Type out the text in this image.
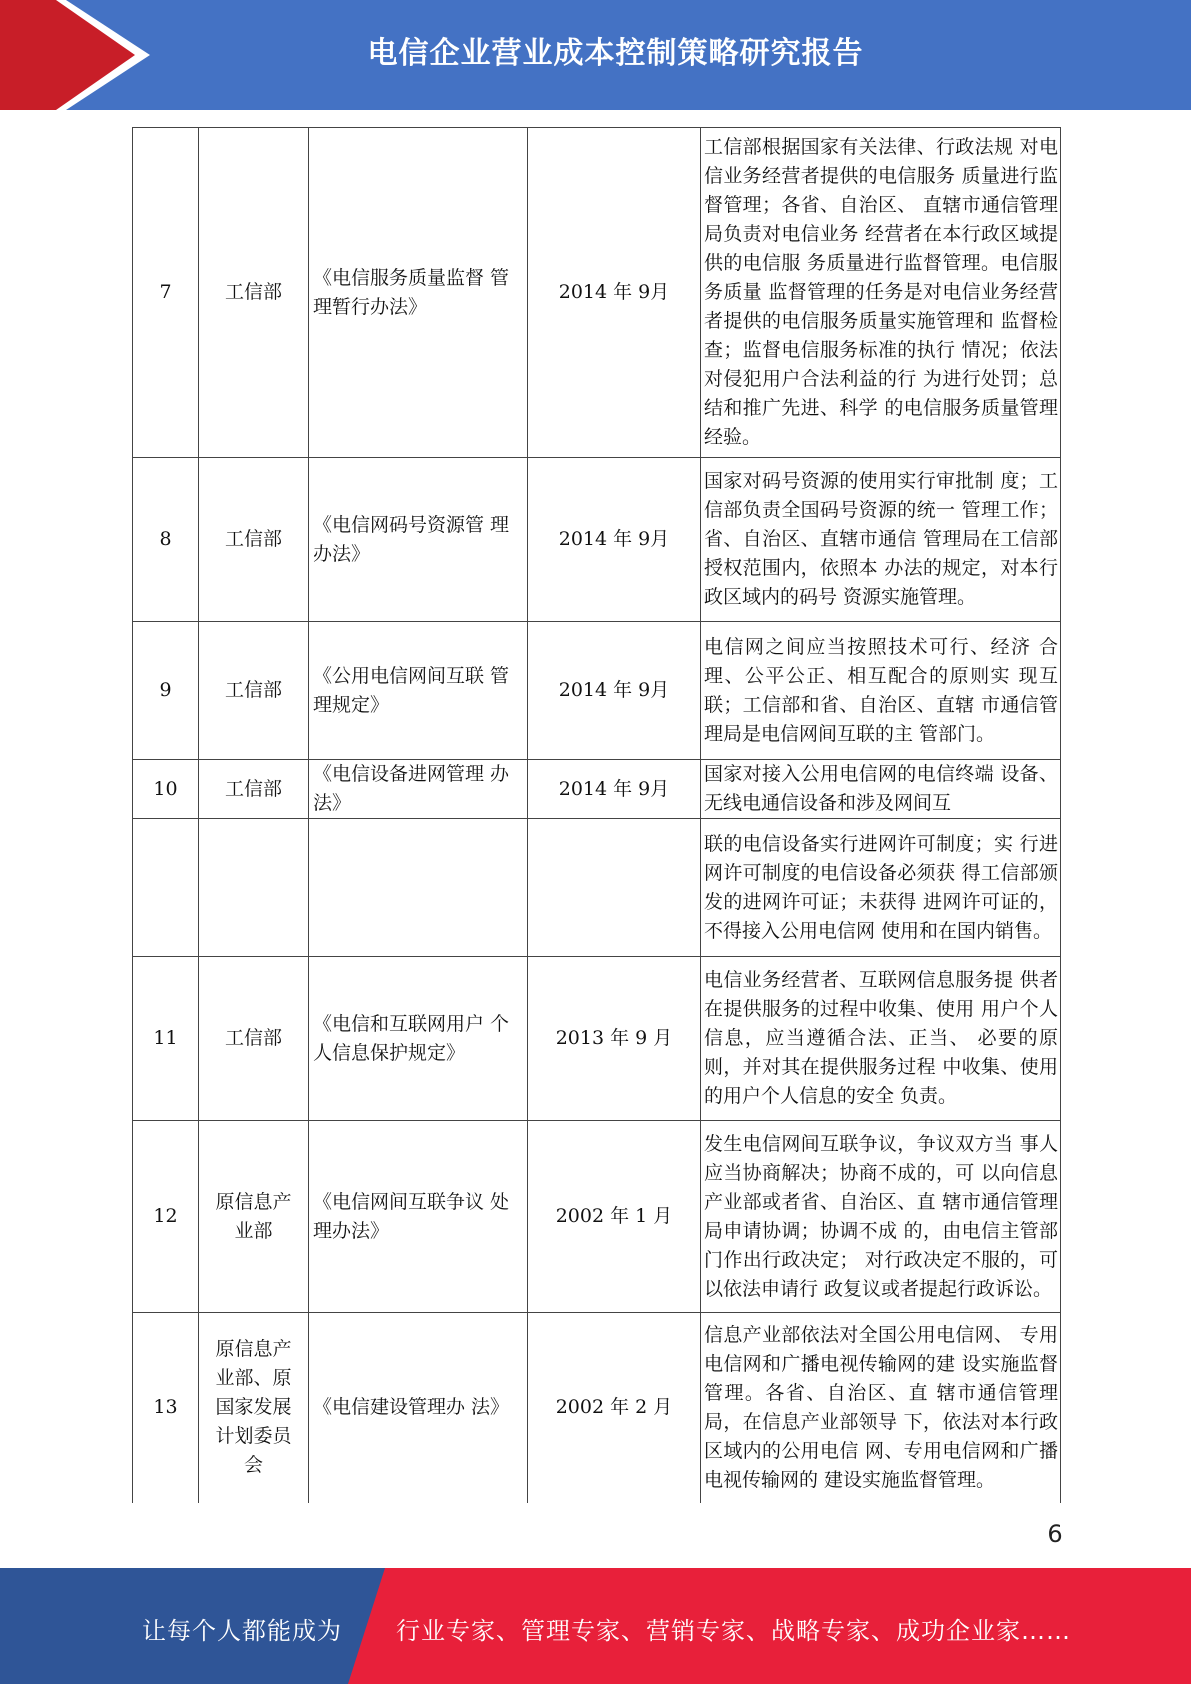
电信企业营业成本控制策略研究报告
7	工信部	《电信服务质量监督 管理暂行办法》	2014 年 9月	工信部根据国家有关法律、行政法规 对电信业务经营者提供的电信服务 质量进行监督管理；各省、自治区、 直辖市通信管理局负责对电信业务 经营者在本行政区域提供的电信服 务质量进行监督管理。电信服务质量 监督管理的任务是对电信业务经营 者提供的电信服务质量实施管理和 监督检查；监督电信服务标准的执行 情况；依法对侵犯用户合法利益的行 为进行处罚；总结和推广先进、科学 的电信服务质量管理经验。
8	工信部	《电信网码号资源管 理办法》	2014 年 9月	国家对码号资源的使用实行审批制 度；工信部负责全国码号资源的统一 管理工作；省、自治区、直辖市通信 管理局在工信部授权范围内，依照本 办法的规定，对本行政区域内的码号 资源实施管理。
9	工信部	《公用电信网间互联 管理规定》	2014 年 9月	电信网之间应当按照技术可行、经济 合理、公平公正、相互配合的原则实 现互联；工信部和省、自治区、直辖 市通信管理局是电信网间互联的主 管部门。
10	工信部	《电信设备进网管理 办法》	2014 年 9月	国家对接入公用电信网的电信终端 设备、无线电通信设备和涉及网间互
				联的电信设备实行进网许可制度；实 行进网许可制度的电信设备必须获 得工信部颁发的进网许可证；未获得 进网许可证的，不得接入公用电信网 使用和在国内销售。
11	工信部	《电信和互联网用户 个人信息保护规定》	2013 年 9 月	电信业务经营者、互联网信息服务提 供者在提供服务的过程中收集、使用 用户个人信息，应当遵循合法、正当、 必要的原则，并对其在提供服务过程 中收集、使用的用户个人信息的安全 负责。
12	原信息产业部	《电信网间互联争议 处理办法》	2002 年 1 月	发生电信网间互联争议，争议双方当 事人应当协商解决；协商不成的，可 以向信息产业部或者省、自治区、直 辖市通信管理局申请协调；协调不成 的，由电信主管部门作出行政决定； 对行政决定不服的，可以依法申请行 政复议或者提起行政诉讼。
13	原信息产业部、原国家发展计划委员会	《电信建设管理办 法》	2002 年 2 月	信息产业部依法对全国公用电信网、 专用电信网和广播电视传输网的建 设实施监督管理。各省、自治区、直 辖市通信管理局，在信息产业部领导 下，依法对本行政区域内的公用电信 网、专用电信网和广播电视传输网的 建设实施监督管理。
6
让每个人都能成为 行业专家、管理专家、营销专家、战略专家、成功企业家……
